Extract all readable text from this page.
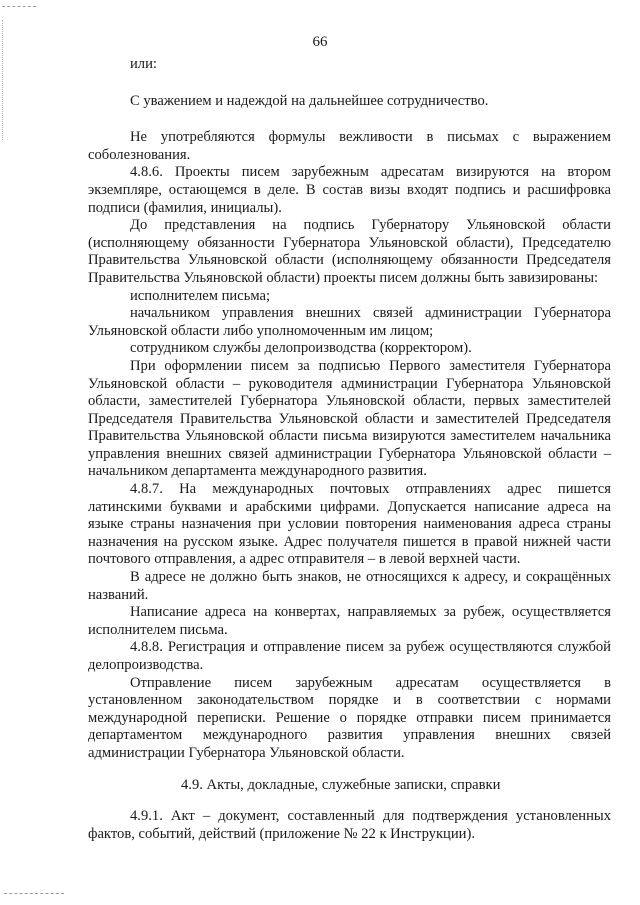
66

или:

С уважением и надеждой на дальнейшее сотрудничество.

Не употребляются формулы вежливости в письмах с выражением соболезнования.

4.8.6. Проекты писем зарубежным адресатам визируются на втором экземпляре, остающемся в деле. В состав визы входят подпись и расшифровка подписи (фамилия, инициалы).

До представления на подпись Губернатору Ульяновской области (исполняющему обязанности Губернатора Ульяновской области), Председателю Правительства Ульяновской области (исполняющему обязанности Председателя Правительства Ульяновской области) проекты писем должны быть завизированы:

исполнителем письма;

начальником управления внешних связей администрации Губернатора Ульяновской области либо уполномоченным им лицом;

сотрудником службы делопроизводства (корректором).

При оформлении писем за подписью Первого заместителя Губернатора Ульяновской области – руководителя администрации Губернатора Ульяновской области, заместителей Губернатора Ульяновской области, первых заместителей Председателя Правительства Ульяновской области и заместителей Председателя Правительства Ульяновской области письма визируются заместителем начальника управления внешних связей администрации Губернатора Ульяновской области – начальником департамента международного развития.

4.8.7. На международных почтовых отправлениях адрес пишется латинскими буквами и арабскими цифрами. Допускается написание адреса на языке страны назначения при условии повторения наименования адреса страны назначения на русском языке. Адрес получателя пишется в правой нижней части почтового отправления, а адрес отправителя – в левой верхней части.

В адресе не должно быть знаков, не относящихся к адресу, и сокращённых названий.

Написание адреса на конвертах, направляемых за рубеж, осуществляется исполнителем письма.

4.8.8. Регистрация и отправление писем за рубеж осуществляются службой делопроизводства.

Отправление писем зарубежным адресатам осуществляется в установленном законодательством порядке и в соответствии с нормами международной переписки. Решение о порядке отправки писем принимается департаментом международного развития управления внешних связей администрации Губернатора Ульяновской области.

4.9. Акты, докладные, служебные записки, справки

4.9.1. Акт – документ, составленный для подтверждения установленных фактов, событий, действий (приложение № 22 к Инструкции).
